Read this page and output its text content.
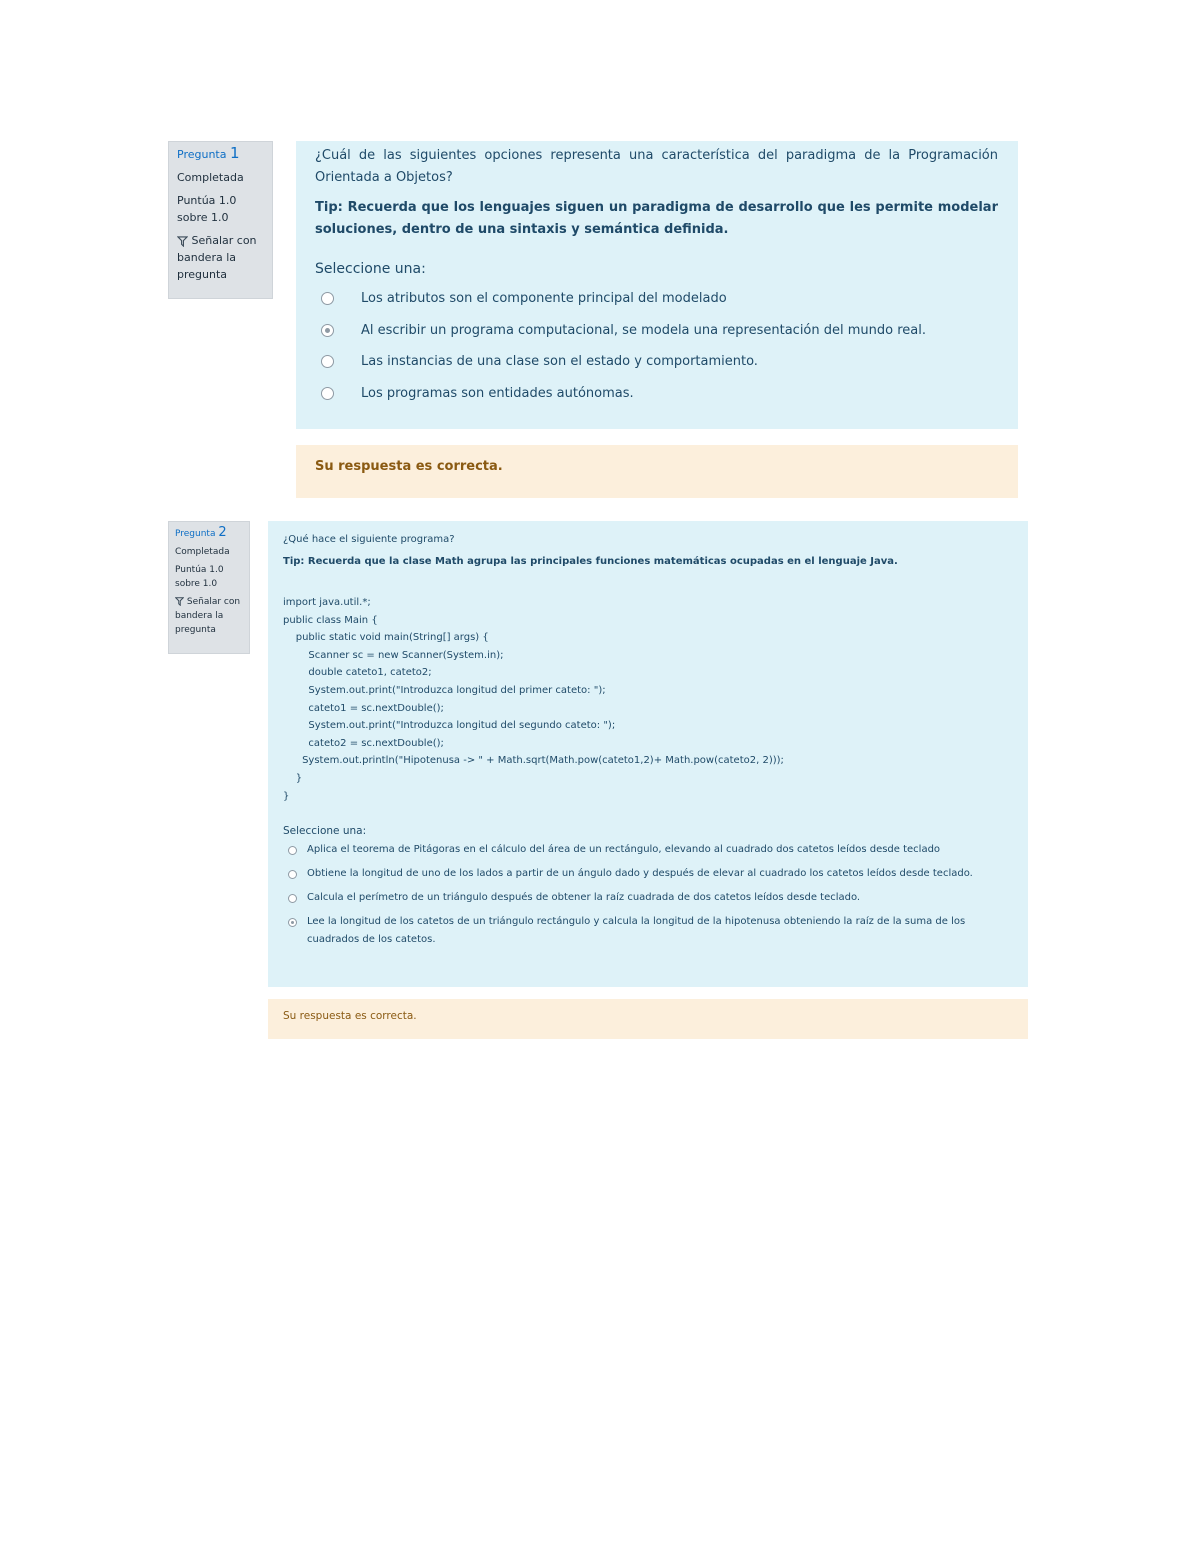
Pregunta 1
Completada
Puntúa 1.0
sobre 1.0
Señalar con bandera la pregunta
¿Cuál de las siguientes opciones representa una característica del paradigma de la Programación Orientada a Objetos?
Tip: Recuerda que los lenguajes siguen un paradigma de desarrollo que les permite modelar soluciones, dentro de una sintaxis y semántica definida.
Seleccione una:
Los atributos son el componente principal del modelado
Al escribir un programa computacional, se modela una representación del mundo real.
Las instancias de una clase son el estado y comportamiento.
Los programas son entidades autónomas.
Su respuesta es correcta.
Pregunta 2
Completada
Puntúa 1.0
sobre 1.0
Señalar con bandera la pregunta
¿Qué hace el siguiente programa?
Tip: Recuerda que la clase Math agrupa las principales funciones matemáticas ocupadas en el lenguaje Java.
import java.util.*;
public class Main {
public static void main(String[] args) {
Scanner sc = new Scanner(System.in);
double cateto1, cateto2;
System.out.print("Introduzca longitud del primer cateto: ");
cateto1 = sc.nextDouble();
System.out.print("Introduzca longitud del segundo cateto: ");
cateto2 = sc.nextDouble();
System.out.println("Hipotenusa -> " + Math.sqrt(Math.pow(cateto1,2)+ Math.pow(cateto2, 2)));
}
}
Seleccione una:
Aplica el teorema de Pitágoras en el cálculo del área de un rectángulo, elevando al cuadrado dos catetos leídos desde teclado
Obtiene la longitud de uno de los lados a partir de un ángulo dado y después de elevar al cuadrado los catetos leídos desde teclado.
Calcula el perímetro de un triángulo después de obtener la raíz cuadrada de dos catetos leídos desde teclado.
Lee la longitud de los catetos de un triángulo rectángulo y calcula la longitud de la hipotenusa obteniendo la raíz de la suma de los cuadrados de los catetos.
Su respuesta es correcta.
